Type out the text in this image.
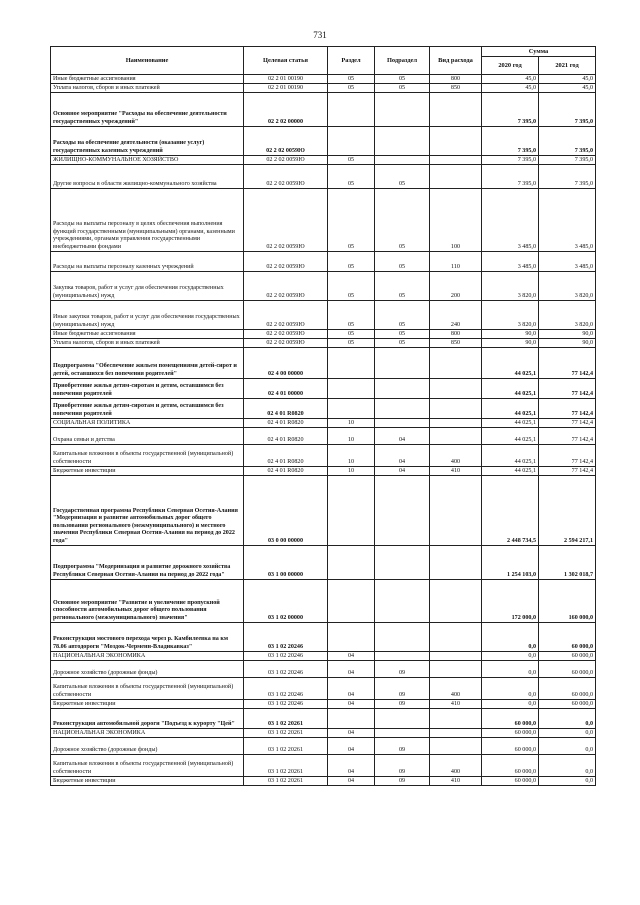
731
Наименование	Целевая статья	Раздел	Подраздел	Вид расхода	Сумма	
					2020 год	2021 год
Иные бюджетные ассигнования	02 2 01 00190	05	05	800	45,0	45,0
Уплата налогов, сборов и иных платежей	02 2 01 00190	05	05	850	45,0	45,0
Основное мероприятие "Расходы на обеспечение деятельности государственных учреждений"	02 2 02 00000				7 395,0	7 395,0
Расходы на обеспечение деятельности (оказание услуг) государственных казенных учреждений	02 2 02 0059Ю				7 395,0	7 395,0
ЖИЛИЩНО-КОММУНАЛЬНОЕ ХОЗЯЙСТВО	02 2 02 0059Ю	05			7 395,0	7 395,0
Другие вопросы в области жилищно-коммунального хозяйства	02 2 02 0059Ю	05	05		7 395,0	7 395,0
Расходы на выплаты персоналу в целях обеспечения выполнения функций государственными (муниципальными) органами, казенными учреждениями, органами управления государственными внебюджетными фондами	02 2 02 0059Ю	05	05	100	3 485,0	3 485,0
Расходы на выплаты персоналу казенных учреждений	02 2 02 0059Ю	05	05	110	3 485,0	3 485,0
Закупка товаров, работ и услуг для обеспечения государственных (муниципальных) нужд	02 2 02 0059Ю	05	05	200	3 820,0	3 820,0
Иные закупки товаров, работ и услуг для обеспечения государственных (муниципальных) нужд	02 2 02 0059Ю	05	05	240	3 820,0	3 820,0
Иные бюджетные ассигнования	02 2 02 0059Ю	05	05	800	90,0	90,0
Уплата налогов, сборов и иных платежей	02 2 02 0059Ю	05	05	850	90,0	90,0
Подпрограмма "Обеспечение жильем помещениями детей-сирот и детей, оставшихся без попечения родителей"	02 4 00 00000				44 025,1	77 142,4
Приобретение жилья детям-сиротам и детям, оставшимся без попечения родителей	02 4 01 00000				44 025,1	77 142,4
Приобретение жилья детям-сиротам и детям, оставшимся без попечения родителей	02 4 01 R0820				44 025,1	77 142,4
СОЦИАЛЬНАЯ ПОЛИТИКА	02 4 01 R0820	10			44 025,1	77 142,4
Охрана семьи и детства	02 4 01 R0820	10	04		44 025,1	77 142,4
Капитальные вложения в объекты государственной (муниципальной) собственности	02 4 01 R0820	10	04	400	44 025,1	77 142,4
Бюджетные инвестиции	02 4 01 R0820	10	04	410	44 025,1	77 142,4
Государственная программа Республики Северная Осетия-Алания "Модернизация и развитие автомобильных дорог общего пользования регионального (межмуниципального) и местного значения Республики Северная Осетия-Алания на период до 2022 года"	03 0 00 00000				2 448 734,5	2 594 217,1
Подпрограмма "Модернизация и развитие дорожного хозяйства Республики Северная Осетия-Алания на период до 2022 года"	03 1 00 00000				1 254 103,0	1 302 018,7
Основное мероприятие "Развитие и увеличение пропускной способности автомобильных дорог общего пользования регионального (межмуниципального) значения"	03 1 02 00000				172 000,0	160 000,0
Реконструкция мостового перехода через р. Камбилеевка на км 78.06 автодороги "Моздок-Черменн-Владикавказ"	03 1 02 20246				0,0	60 000,0
НАЦИОНАЛЬНАЯ ЭКОНОМИКА	03 1 02 20246	04			0,0	60 000,0
Дорожное хозяйство (дорожные фонды)	03 1 02 20246	04	09		0,0	60 000,0
Капитальные вложения в объекты государственной (муниципальной) собственности	03 1 02 20246	04	09	400	0,0	60 000,0
Бюджетные инвестиции	03 1 02 20246	04	09	410	0,0	60 000,0
Реконструкция автомобильной дороги "Подъезд к курорту "Цей"	03 1 02 20261				60 000,0	0,0
НАЦИОНАЛЬНАЯ ЭКОНОМИКА	03 1 02 20261	04			60 000,0	0,0
Дорожное хозяйство (дорожные фонды)	03 1 02 20261	04	09		60 000,0	0,0
Капитальные вложения в объекты государственной (муниципальной) собственности	03 1 02 20261	04	09	400	60 000,0	0,0
Бюджетные инвестиции	03 1 02 20261	04	09	410	60 000,0	0,0
